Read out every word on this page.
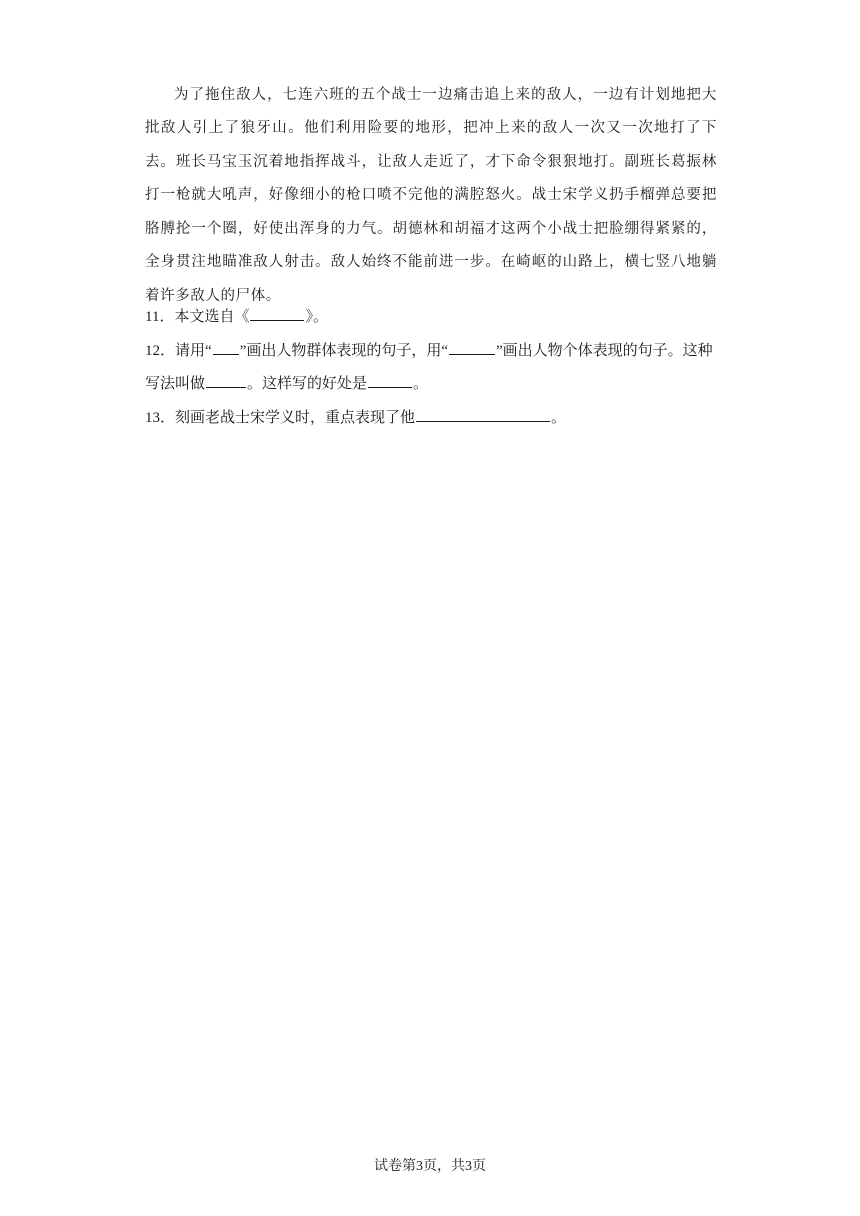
为了拖住敌人，七连六班的五个战士一边痛击追上来的敌人，一边有计划地把大批敌人引上了狼牙山。他们利用险要的地形，把冲上来的敌人一次又一次地打了下去。班长马宝玉沉着地指挥战斗，让敌人走近了，才下命令狠狠地打。副班长葛振林打一枪就大吼声，好像细小的枪口喷不完他的满腔怒火。战士宋学义扔手榴弹总要把胳膊抡一个圈，好使出浑身的力气。胡德林和胡福才这两个小战士把脸绷得紧紧的，全身贯注地瞄准敌人射击。敌人始终不能前进一步。在崎岖的山路上，横七竖八地躺着许多敌人的尸体。

11．本文选自《	》。

12．请用“ ”画出人物群体表现的句子，用“	”画出人物个体表现的句子。这种写法叫做	。这样写的好处是	。

13．刻画老战士宋学义时，重点表现了他	。

试卷第3页，共3页
